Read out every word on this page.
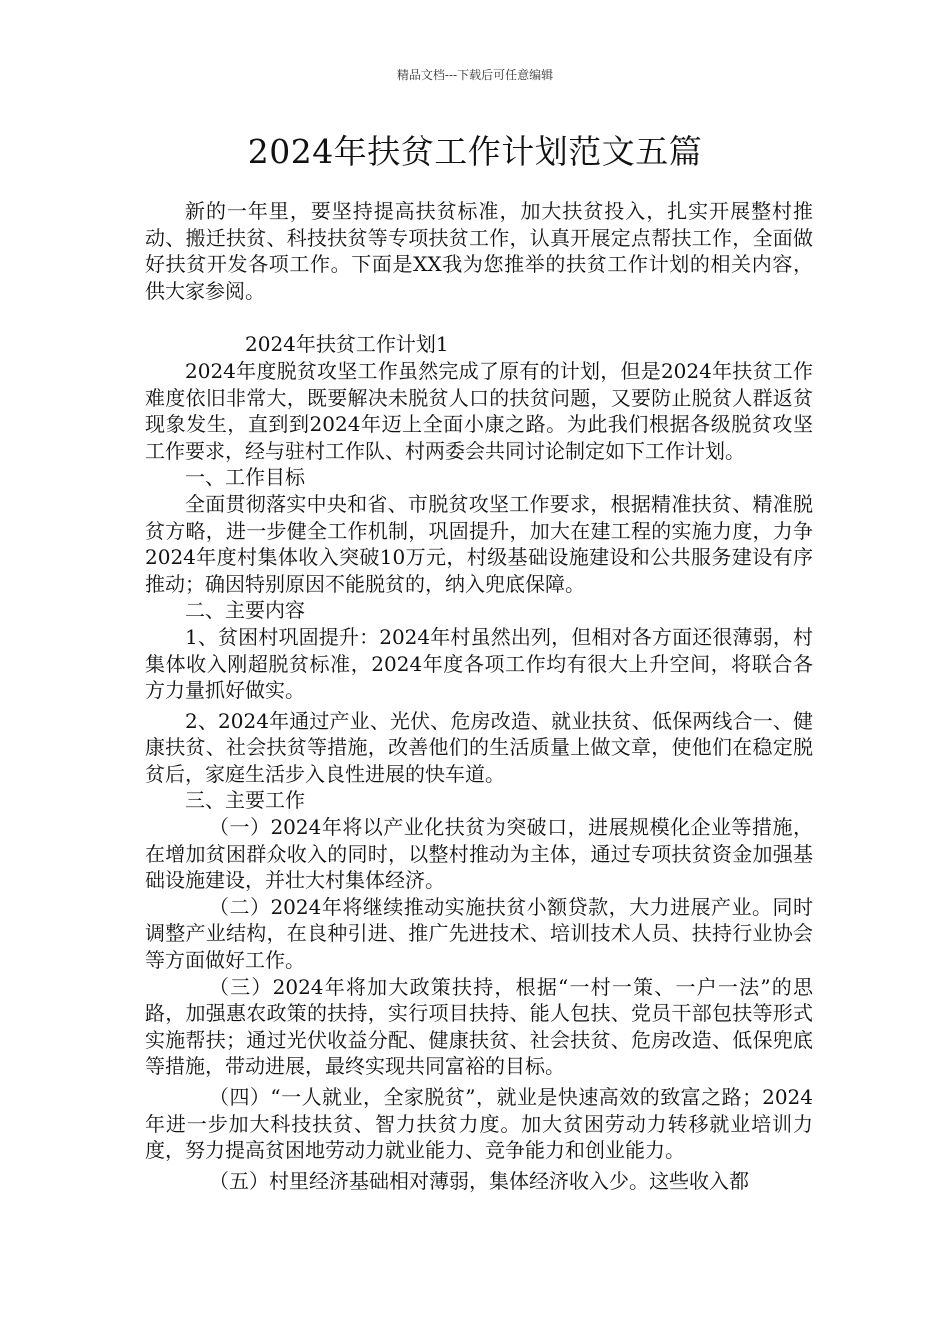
精品文档---下载后可任意编辑
2024年扶贫工作计划范文五篇

新的一年里，要坚持提高扶贫标准，加大扶贫投入，扎实开展整村推动、搬迁扶贫、科技扶贫等专项扶贫工作，认真开展定点帮扶工作，全面做好扶贫开发各项工作。下面是XX我为您推举的扶贫工作计划的相关内容，供大家参阅。

2024年扶贫工作计划1

2024年度脱贫攻坚工作虽然完成了原有的计划，但是2024年扶贫工作难度依旧非常大，既要解决未脱贫人口的扶贫问题，又要防止脱贫人群返贫现象发生，直到到2024年迈上全面小康之路。为此我们根据各级脱贫攻坚工作要求，经与驻村工作队、村两委会共同讨论制定如下工作计划。

一、工作目标

全面贯彻落实中央和省、市脱贫攻坚工作要求，根据精准扶贫、精准脱贫方略，进一步健全工作机制，巩固提升，加大在建工程的实施力度，力争2024年度村集体收入突破10万元，村级基础设施建设和公共服务建设有序推动；确因特别原因不能脱贫的，纳入兜底保障。

二、主要内容

1、贫困村巩固提升：2024年村虽然出列，但相对各方面还很薄弱，村集体收入刚超脱贫标准，2024年度各项工作均有很大上升空间，将联合各方力量抓好做实。

2、2024年通过产业、光伏、危房改造、就业扶贫、低保两线合一、健康扶贫、社会扶贫等措施，改善他们的生活质量上做文章，使他们在稳定脱贫后，家庭生活步入良性进展的快车道。

三、主要工作

（一）2024年将以产业化扶贫为突破口，进展规模化企业等措施，在增加贫困群众收入的同时，以整村推动为主体，通过专项扶贫资金加强基础设施建设，并壮大村集体经济。

（二）2024年将继续推动实施扶贫小额贷款，大力进展产业。同时调整产业结构，在良种引进、推广先进技术、培训技术人员、扶持行业协会等方面做好工作。

（三）2024年将加大政策扶持，根据“一村一策、一户一法”的思路，加强惠农政策的扶持，实行项目扶持、能人包扶、党员干部包扶等形式实施帮扶；通过光伏收益分配、健康扶贫、社会扶贫、危房改造、低保兜底等措施，带动进展，最终实现共同富裕的目标。

（四）“一人就业，全家脱贫”，就业是快速高效的致富之路；2024年进一步加大科技扶贫、智力扶贫力度。加大贫困劳动力转移就业培训力度，努力提高贫困地劳动力就业能力、竞争能力和创业能力。

（五）村里经济基础相对薄弱，集体经济收入少。这些收入都
